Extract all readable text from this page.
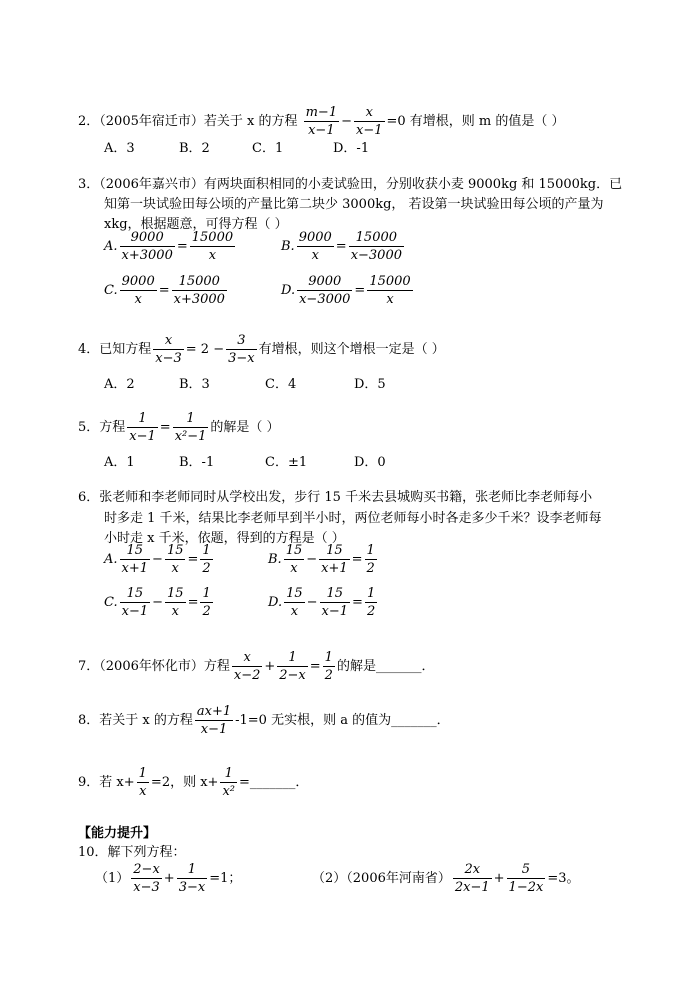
2．（2005年宿迁市）若关于 x 的方程 $\frac{m-1}{x-1} - \frac{x}{x-1} =0$ 有增根，则 m 的值是（ ）
A．3	B．2	C．1	D．-1
3．（2006年嘉兴市）有两块面积相同的小麦试验田，分别收获小麦 9000kg 和 15000kg．已
知第一块试验田每公顷的产量比第二块少 3000kg， 若设第一块试验田每公顷的产量为
xkg，根据题意，可得方程（ ）
A. $\frac{9000}{x+3000} = \frac{15000}{x}$	B. $\frac{9000}{x} = \frac{15000}{x-3000}$
C. $\frac{9000}{x} = \frac{15000}{x+3000}$	D. $\frac{9000}{x-3000} = \frac{15000}{x}$
4．已知方程 $\frac{x}{x-3} = 2 - \frac{3}{3-x}$ 有增根，则这个增根一定是（ ）
A．2	B．3	C．4	D．5
5．方程 $\frac{1}{x-1} = \frac{1}{\text{x²−1}}$ 的解是（ ）
A．1	B．-1	C．±1	D．0
6．张老师和李老师同时从学校出发，步行 15 千米去县城购买书籍，张老师比李老师每小
时多走 1 千米，结果比李老师早到半小时，两位老师每小时各走多少千米？设李老师每
小时走 x 千米，依题，得到的方程是（ ）
A. $\frac{15}{x+1} - \frac{15}{x} = \frac{1}{2}$	B. $\frac{15}{x} - \frac{15}{x+1} = \frac{1}{2}$
C. $\frac{15}{x-1} - \frac{15}{x} = \frac{1}{2}$	D. $\frac{15}{x} - \frac{15}{x-1} = \frac{1}{2}$
7．（2006年怀化市）方程 $\frac{x}{x-2} + \frac{1}{2-x} = \frac{1}{2}$ 的解是_______．
8．若关于 x 的方程 $\frac{ax+1}{x-1} -1=0$ 无实根，则 a 的值为_______．
9．若 $x+ \frac{1}{x} =2$，则 $x+ \frac{1}{\text{x²}}$ =_______．
【能力提升】
10．解下列方程：
$(1) \frac{2-x}{x-3} + \frac{1}{3-x} =1$；	（2）（2006年河南省） $\frac{2x}{2x-1} + \frac{5}{1-2x} =3$。
